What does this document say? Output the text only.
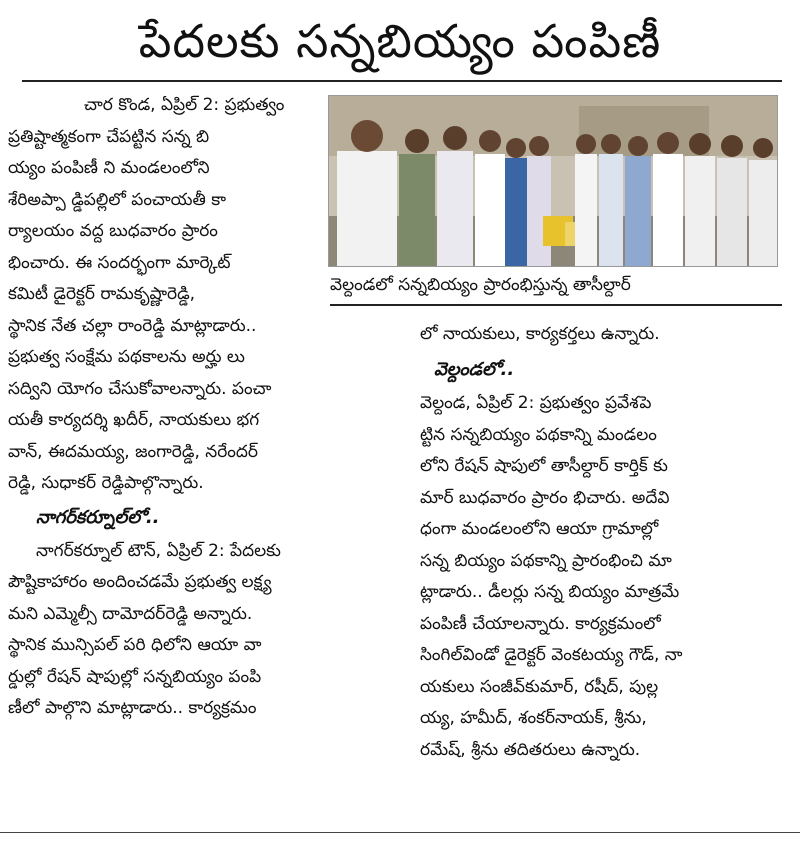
పేదలకు సన్నబియ్యం పంపిణీ
చార కొండ, ఏప్రిల్ 2: ప్రభుత్వం
ప్రతిష్టాత్మకంగా చేపట్టిన సన్న బి
య్యం పంపిణీ ని మండలంలోని
శేరిఅప్పా డ్డిపల్లిలో పంచాయతీ కా
ర్యాలయం వద్ద బుధవారం ప్రారం
భించారు. ఈ సందర్భంగా మార్కెట్
కమిటీ డైరెక్టర్ రామకృష్ణారెడ్డి,
స్థానిక నేత చల్లా రాంరెడ్డి మాట్లాడారు..
ప్రభుత్వ సంక్షేమ పథకాలను అర్హు లు
సద్విని యోగం చేసుకోవాలన్నారు. పంచా
యతీ కార్యదర్శి ఖదీర్, నాయకులు భగ
వాన్, ఈదమయ్య, జంగారెడ్డి, నరేందర్
రెడ్డి, సుధాకర్ రెడ్డిపాల్గొన్నారు.
నాగర్‌కర్నూల్‌లో..
నాగర్‌కర్నూల్ టౌన్, ఏప్రిల్ 2: పేదలకు
పౌష్టికాహారం అందించడమే ప్రభుత్వ లక్ష్య
మని ఎమ్మెల్సీ దామోదర్‌రెడ్డి అన్నారు.
స్థానిక మున్సిపల్ పరి ధిలోని ఆయా వా
ర్డుల్లో రేషన్ షాపుల్లో సన్నబియ్యం పంపి
ణీలో పాల్గొని మాట్లాడారు.. కార్యక్రమం
వెల్దండలో సన్నబియ్యం ప్రారంభిస్తున్న తాసీల్దార్
లో నాయకులు, కార్యకర్తలు ఉన్నారు.
వెల్దండలో..
వెల్దండ, ఏప్రిల్ 2: ప్రభుత్వం ప్రవేశపె
ట్టిన సన్నబియ్యం పథకాన్ని మండలం
లోని రేషన్ షాపులో తాసీల్దార్ కార్తిక్ కు
మార్ బుధవారం ప్రారం భిచారు. అదేవి
ధంగా మండలంలోని ఆయా గ్రామాల్లో
సన్న బియ్యం పథకాన్ని ప్రారంభించి మా
ట్లాడారు.. డీలర్లు సన్న బియ్యం మాత్రమే
పంపిణీ చేయాలన్నారు. కార్యక్రమంలో
సింగిల్‌విండో డైరెక్టర్ వెంకటయ్య గౌడ్, నా
యకులు సంజీవ్‌కుమార్, రషీద్, పుల్ల
య్య, హమీద్, శంకర్‌నాయక్, శ్రీను,
రమేష్, శ్రీను తదితరులు ఉన్నారు.
